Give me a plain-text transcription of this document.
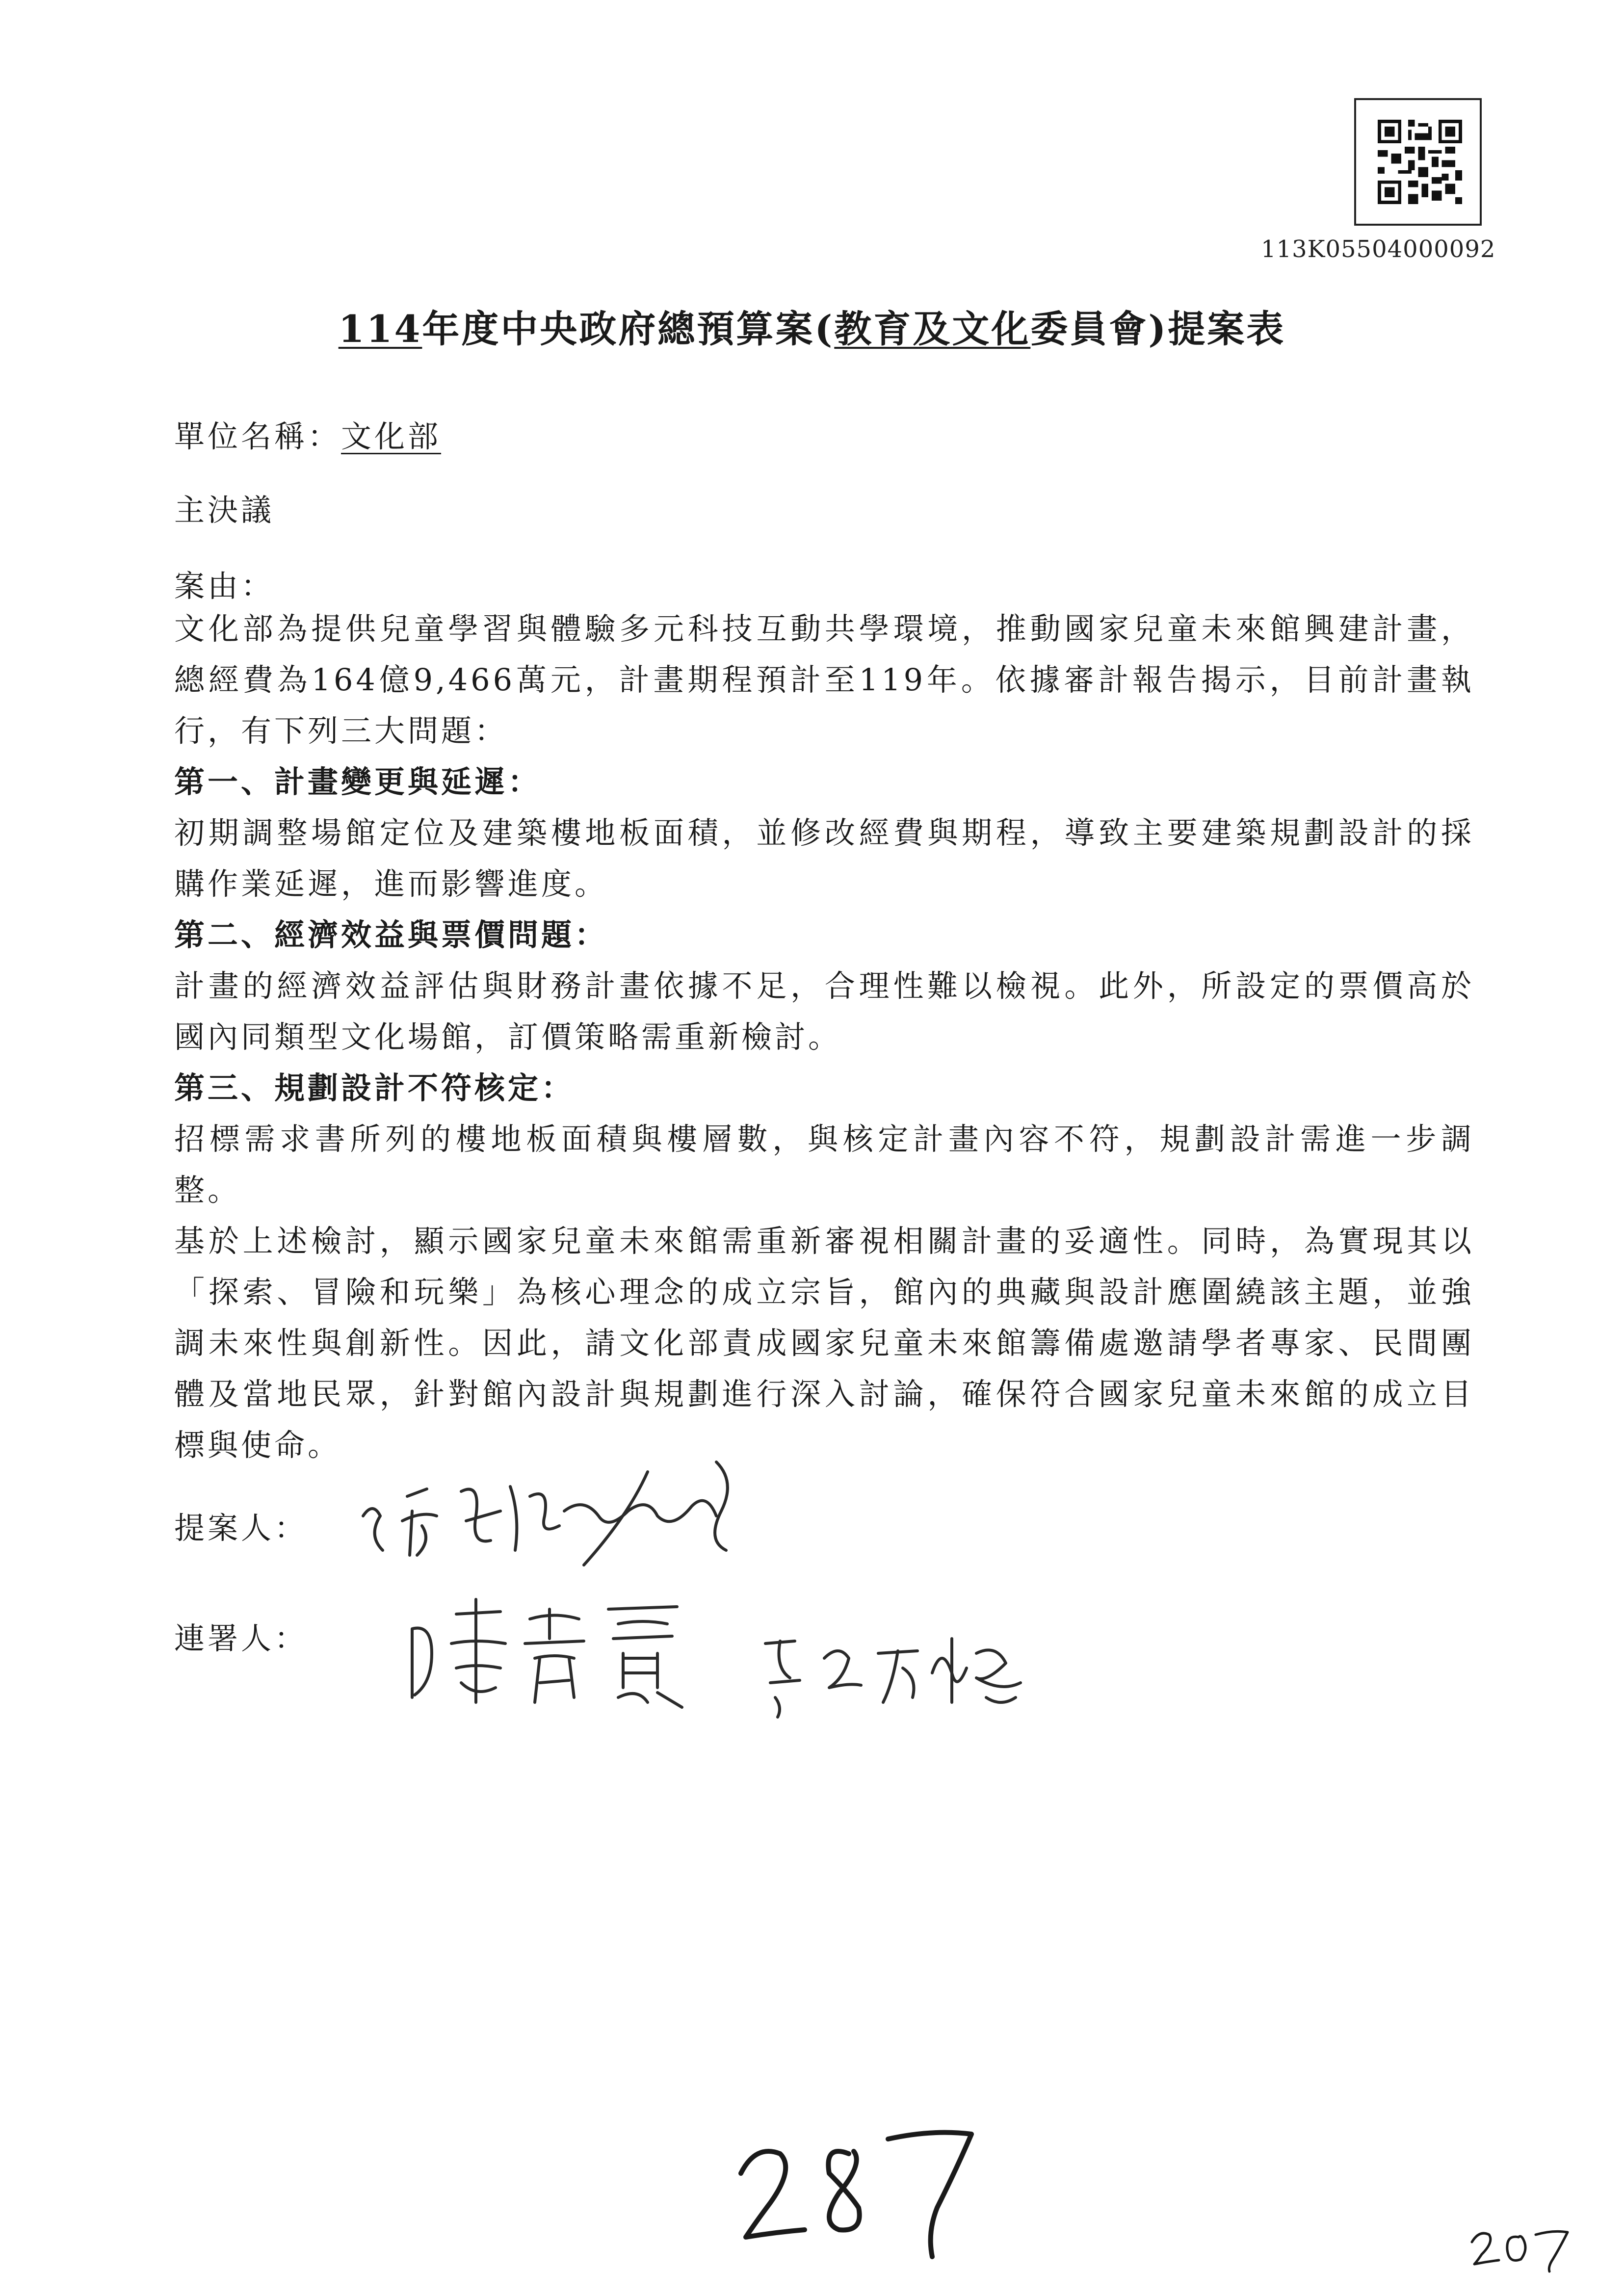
113K05504000092
114年度中央政府總預算案(教育及文化委員會)提案表
單位名稱：文化部
主決議
案由：

文化部為提供兒童學習與體驗多元科技互動共學環境，推動國家兒童未來館興建計畫，總經費為164億9,466萬元，計畫期程預計至119年。依據審計報告揭示，目前計畫執行，有下列三大問題：

第一、計畫變更與延遲：

初期調整場館定位及建築樓地板面積，並修改經費與期程，導致主要建築規劃設計的採購作業延遲，進而影響進度。

第二、經濟效益與票價問題：

計畫的經濟效益評估與財務計畫依據不足，合理性難以檢視。此外，所設定的票價高於國內同類型文化場館，訂價策略需重新檢討。

第三、規劃設計不符核定：

招標需求書所列的樓地板面積與樓層數，與核定計畫內容不符，規劃設計需進一步調整。

基於上述檢討，顯示國家兒童未來館需重新審視相關計畫的妥適性。同時，為實現其以「探索、冒險和玩樂」為核心理念的成立宗旨，館內的典藏與設計應圍繞該主題，並強調未來性與創新性。因此，請文化部責成國家兒童未來館籌備處邀請學者專家、民間團體及當地民眾，針對館內設計與規劃進行深入討論，確保符合國家兒童未來館的成立目標與使命。

提案人：
連署人：
